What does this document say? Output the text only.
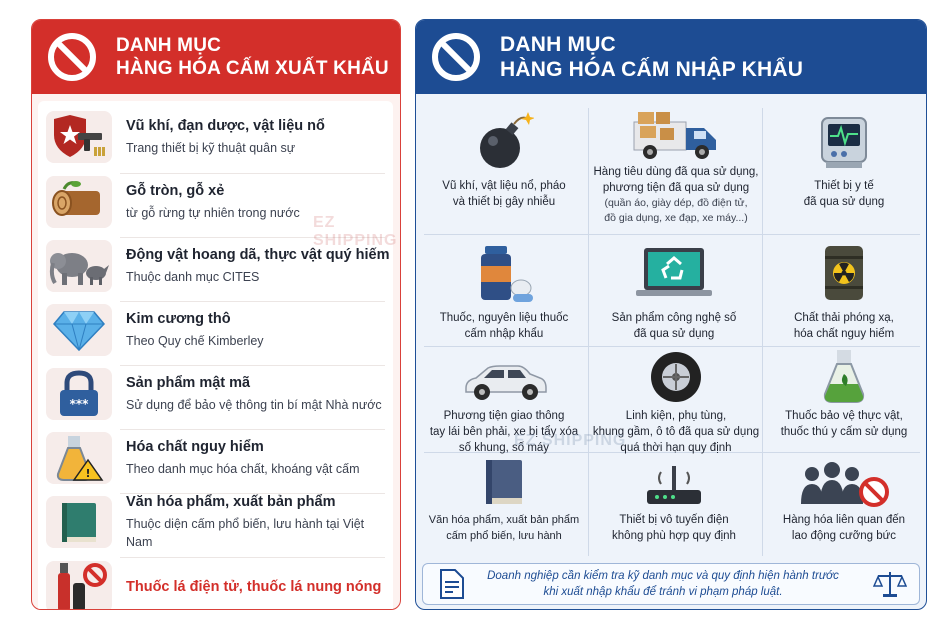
DANH MỤC
HÀNG HÓA CẤM XUẤT KHẨU
Vũ khí, đạn dược, vật liệu nổ
Trang thiết bị kỹ thuật quân sự
Gỗ tròn, gỗ xẻ
từ gỗ rừng tự nhiên trong nước
Động vật hoang dã, thực vật quý hiếm
Thuộc danh mục CITES
Kim cương thô
Theo Quy chế Kimberley
***
Sản phẩm mật mã
Sử dụng để bảo vệ thông tin bí mật Nhà nước
!
Hóa chất nguy hiểm
Theo danh mục hóa chất, khoáng vật cấm
Văn hóa phẩm, xuất bản phẩm
Thuộc diện cấm phổ biến, lưu hành tại Việt Nam
Thuốc lá điện tử, thuốc lá nung nóng
EZ SHIPPING
DANH MỤC
HÀNG HÓA CẤM NHẬP KHẨU
Vũ khí, vật liệu nổ, pháo
và thiết bị gây nhiễu
Hàng tiêu dùng đã qua sử dụng,
phương tiện đã qua sử dụng
(quần áo, giày dép, đồ điện tử,
đồ gia dụng, xe đạp, xe máy...)
Thiết bị y tế
đã qua sử dụng
Thuốc, nguyên liệu thuốc
cấm nhập khẩu
Sản phẩm công nghệ số
đã qua sử dụng
Chất thải phóng xạ,
hóa chất nguy hiểm
Phương tiện giao thông
tay lái bên phải, xe bị tẩy xóa
số khung, số máy
Linh kiện, phụ tùng,
khung gầm, ô tô đã qua sử dụng
quá thời hạn quy định
Thuốc bảo vệ thực vật,
thuốc thú y cấm sử dụng
Văn hóa phẩm, xuất bản phẩm
cấm phổ biến, lưu hành
Thiết bị vô tuyến điện
không phù hợp quy định
Hàng hóa liên quan đến
lao động cưỡng bức
EZ SHIPPING
Doanh nghiệp cần kiểm tra kỹ danh mục và quy định hiện hành trước khi xuất nhập khẩu để tránh vi phạm pháp luật.
